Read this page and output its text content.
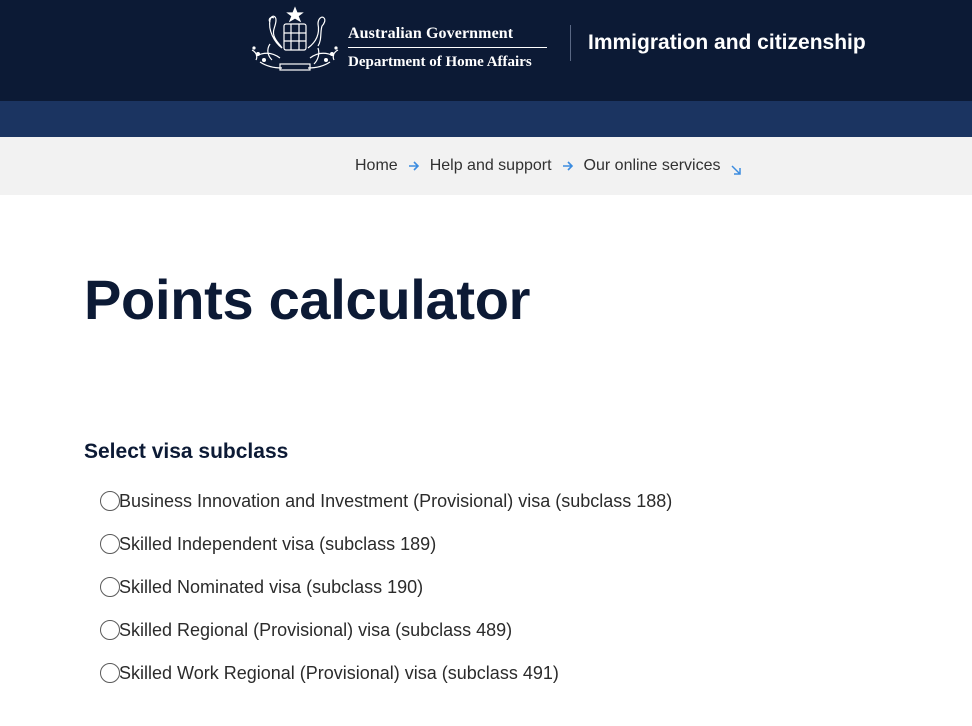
Australian Government
Department of Home Affairs
Immigration and citizenship
Home Help and support Our online services
Points calculator
Select visa subclass
Business Innovation and Investment (Provisional) visa (subclass 188)
Skilled Independent visa (subclass 189)
Skilled Nominated visa (subclass 190)
Skilled Regional (Provisional) visa (subclass 489)
Skilled Work Regional (Provisional) visa (subclass 491)
